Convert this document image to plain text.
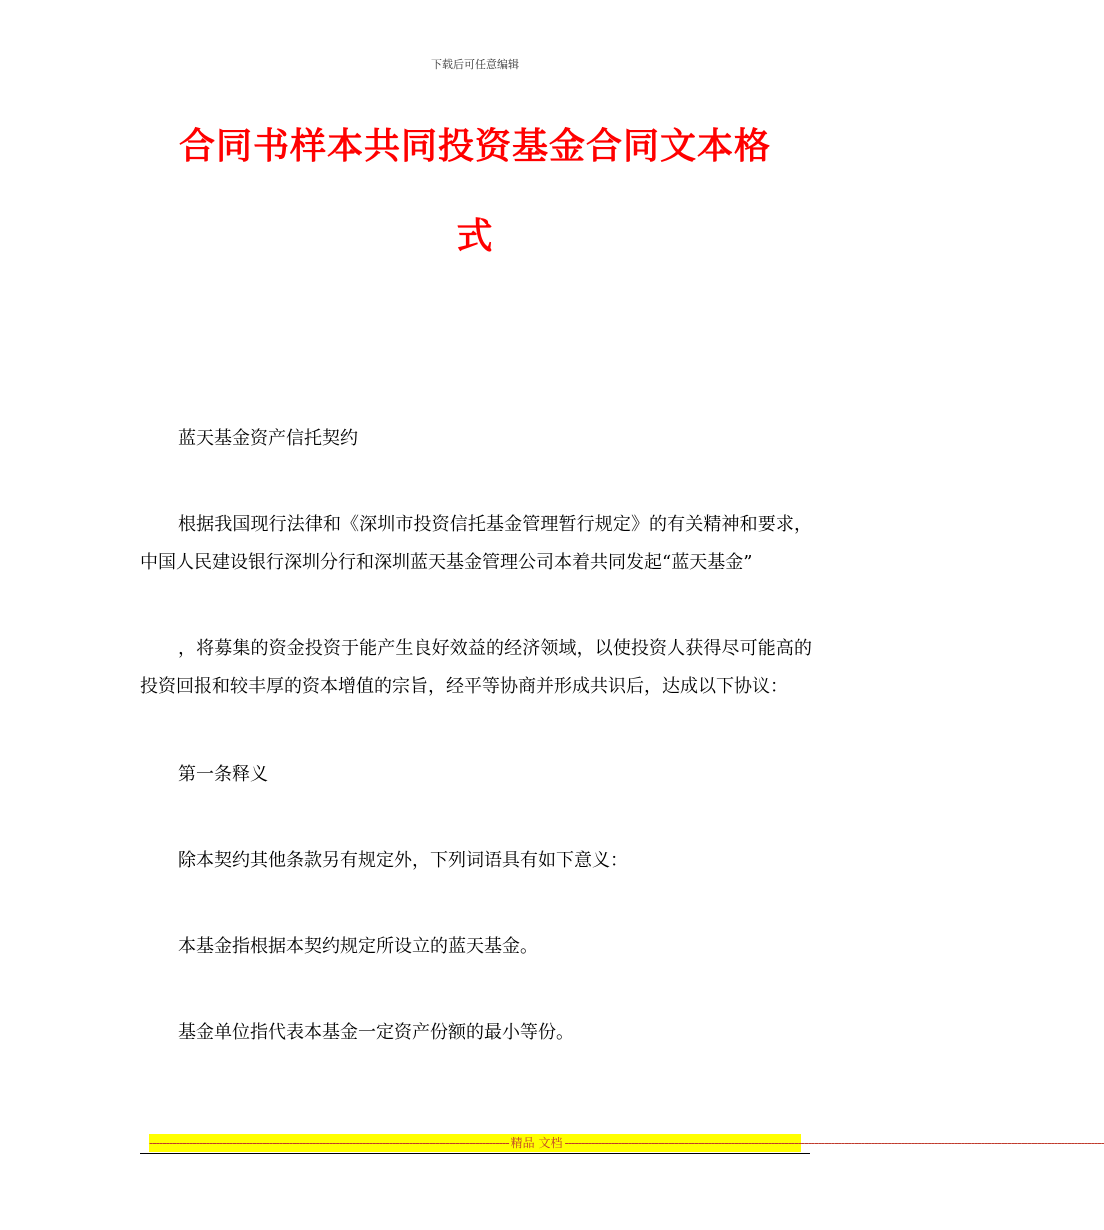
下载后可任意编辑
合同书样本共同投资基金合同文本格
式

蓝天基金资产信托契约

根据我国现行法律和《深圳市投资信托基金管理暂行规定》的有关精神和要求，中国人民建设银行深圳分行和深圳蓝天基金管理公司本着共同发起“蓝天基金”

，将募集的资金投资于能产生良好效益的经济领域，以使投资人获得尽可能高的投资回报和较丰厚的资本增值的宗旨，经平等协商并形成共识后，达成以下协议：

第一条释义

除本契约其他条款另有规定外，下列词语具有如下意义：

本基金指根据本契约规定所设立的蓝天基金。

基金单位指代表本基金一定资产份额的最小等份。

------------------------------------------------------------------------------------------------------------ 精品 文档 ------------------------------------------------------------------------------------------------------------------------------------------------------------------
